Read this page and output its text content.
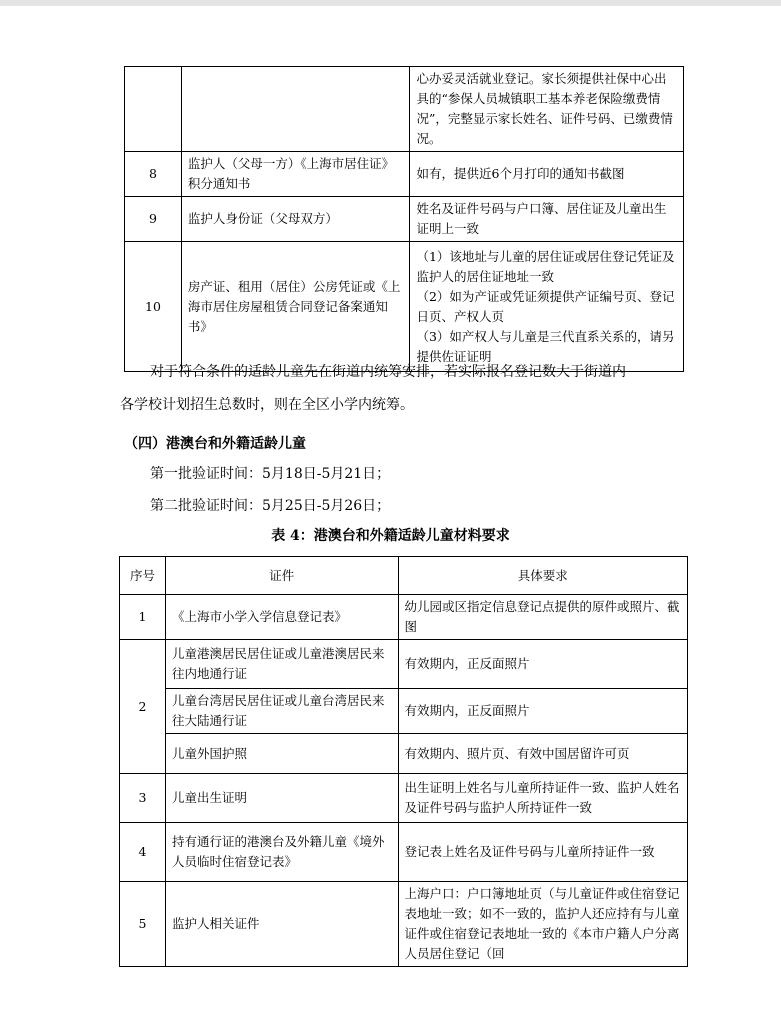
		心办妥灵活就业登记。家长须提供社保中心出具的“参保人员城镇职工基本养老保险缴费情况”，完整显示家长姓名、证件号码、已缴费情况。
8	监护人（父母一方）《上海市居住证》积分通知书	如有，提供近6个月打印的通知书截图
9	监护人身份证（父母双方）	姓名及证件号码与户口簿、居住证及儿童出生证明上一致
10	房产证、租用（居住）公房凭证或《上海市居住房屋租赁合同登记备案通知书》	（1）该地址与儿童的居住证或居住登记凭证及监护人的居住证地址一致
（2）如为产证或凭证须提供产证编号页、登记日页、产权人页
（3）如产权人与儿童是三代直系关系的，请另提供佐证证明
对于符合条件的适龄儿童先在街道内统筹安排，若实际报名登记数大于街道内
各学校计划招生总数时，则在全区小学内统筹。
（四）港澳台和外籍适龄儿童
第一批验证时间：5月18日-5月21日；
第二批验证时间：5月25日-5月26日；
表 4：港澳台和外籍适龄儿童材料要求
序号	证件	具体要求
1	《上海市小学入学信息登记表》	幼儿园或区指定信息登记点提供的原件或照片、截图
2	儿童港澳居民居住证或儿童港澳居民来往内地通行证	有效期内，正反面照片
	儿童台湾居民居住证或儿童台湾居民来往大陆通行证	有效期内，正反面照片
	儿童外国护照	有效期内、照片页、有效中国居留许可页
3	儿童出生证明	出生证明上姓名与儿童所持证件一致、监护人姓名及证件号码与监护人所持证件一致
4	持有通行证的港澳台及外籍儿童《境外人员临时住宿登记表》	登记表上姓名及证件号码与儿童所持证件一致
5	监护人相关证件	上海户口：户口簿地址页（与儿童证件或住宿登记表地址一致；如不一致的，监护人还应持有与儿童证件或住宿登记表地址一致的《本市户籍人户分离人员居住登记（回
